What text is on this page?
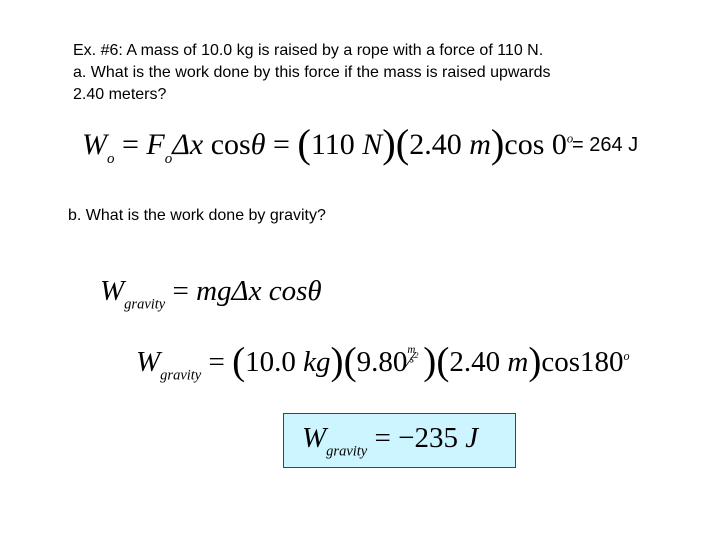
Ex. #6: A mass of 10.0 kg is raised by a rope with a force of 110 N.
a. What is the work done by this force if the mass is raised upwards
2.40 meters?
$W_o = F_o\Delta x$ cosθ = (110 N)(2.40 m)cos $0^o$
= 264 J
b. What is the work done by gravity?
$W_{gravity} = mg\Delta x$ cosθ
$W_{gravity} = (10.0$ kg)(9.80 m
$s^2$ )(2.40 m)cos180$^o$
$W_{gravity} = -235$ J
